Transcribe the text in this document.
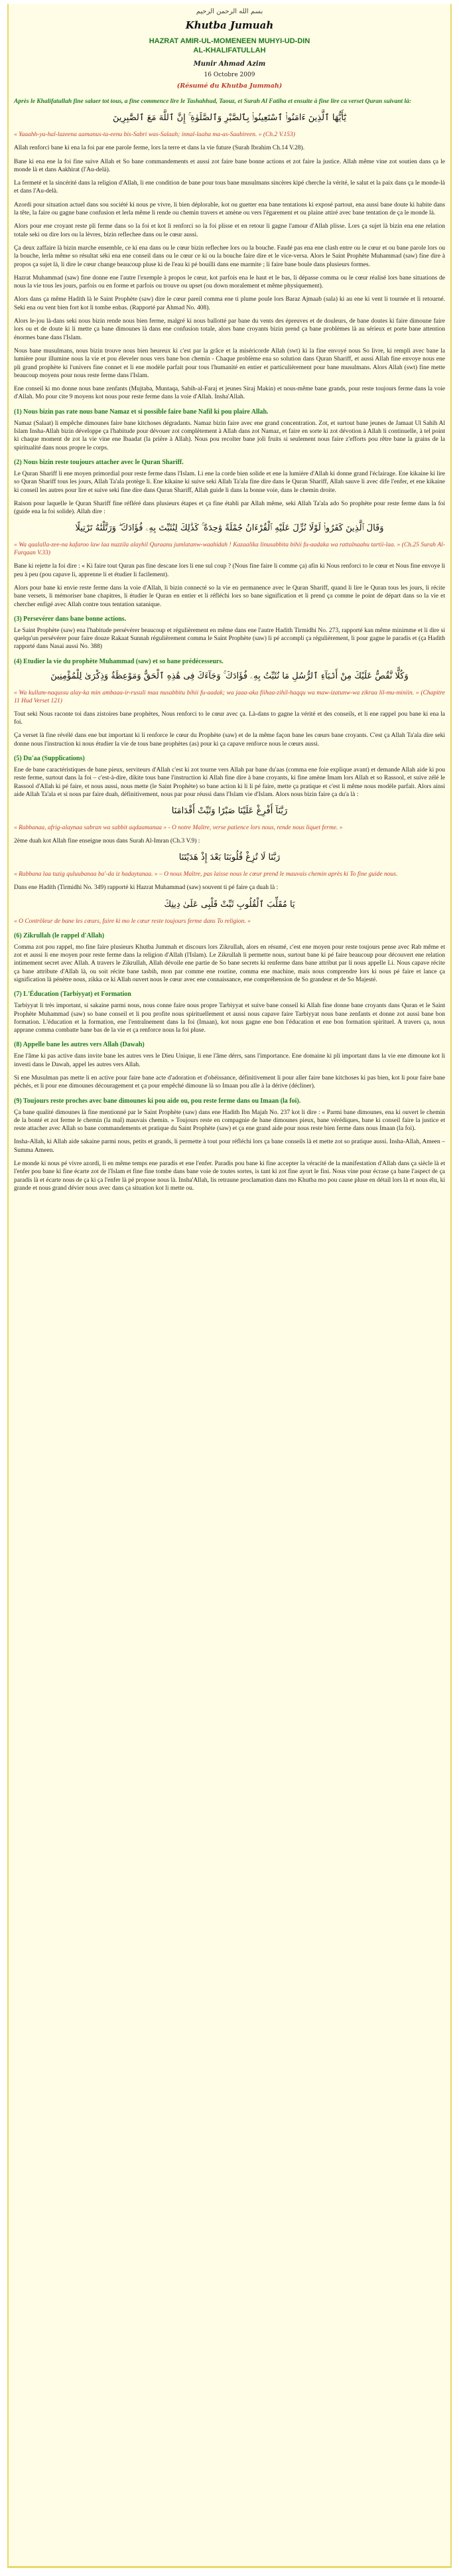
بسم الله الرحمن الرحيم
Khutba Jumuah
HAZRAT AMIR-UL-MOMENEEN MUHYI-UD-DIN
AL-KHALIFATULLAH
Munir Ahmad Azim
16 Octobre 2009
(Résumé du Khutba Jummah)

Après le Khalifatullah fine salaer tot tous, a fine commence lire le Tashahhud, Taouz, et Surah Al Fatiha et ensuite à fine lire ca verset Quran suivant là:

يَٰٓأَيُّهَا ٱلَّذِينَ ءَامَنُوا۟ ٱسْتَعِينُوا۟ بِٱلصَّبْرِ وَٱلصَّلَوٰةِ ۚ إِنَّ ٱللَّهَ مَعَ ٱلصَّٰبِرِينَ

« Yaaahh-yu-hal-lazeena aamanus-ta-eenu bis-Sabri was-Salaah; innal-laaha ma-as-Saabireen. » (Ch.2 V.153)

Allah renforci bane ki ena la foi par ene parole ferme, lors la terre et dans la vie future (Surah Ibrahim Ch.14 V.28).

Bane ki ena ene la foi fine suive Allah et So bane commandements et aussi zot faire bane bonne actions et zot faire la justice. Allah même vine zot soutien dans ça le monde là et dans Aakhirat (l'Au-delà).

La fermeté et la sincérité dans la religion d'Allah, li ene condition de bane pour tous bane musulmans sincères kipé cherche la vérité, le salut et la paix dans ça le monde-là et dans l'Au-delà.

Azordi pour situation actuel dans sou société ki nous pe vivre, li bien déplorable, kot ou guetter ena bane tentations ki exposé partout, ena aussi bane doute ki habite dans la tête, la faire ou gagne bane confusion et lerla même li rende ou chemin travers et amène ou vers l'égarement et ou plaine attiré avec bane tentation de ça le monde là.

Alors pour ene croyant reste pli ferme dans so la foi et kot li renforci so la foi plisse et en retour li gagne l'amour d'Allah plisse. Lors ça sujet là bizin ena ene relation totale seki ou dire lors ou la lèvres, bizin reflechee dans ou le cœur aussi.

Ça deux zaffaire là bizin marche ensemble, ce ki ena dans ou le cœur bizin reflechee lors ou la bouche. Faudé pas ena ene clash entre ou le cœur et ou bane parole lors ou la bouche, lerla même so résultat séki ena ene conseil dans ou le cœur ce ki ou la bouche faire dire et le vice-versa. Alors le Saint Prophète Muhammad (saw) fine dire à propos ça sujet là, li dire le cœur change beaucoup pluse ki de l'eau ki pé bouilli dans ene marmite ; li faire bane boule dans plusieurs formes.

Hazrat Muhammad (saw) fine donne ene l'autre l'exemple à propos le cœur, kot parfois ena le haut et le bas, li dépasse comma ou le cœur réalisé lors bane situations de nous la vie tous les jours, parfois ou en forme et parfois ou trouve ou upset (ou down moralement et même physiquement).

Alors dans ça même Hadith là le Saint Prophète (saw) dire le cœur pareil comma ene ti plume poule lors Baraz Ajmaab (sala) ki au ene ki vent li tournée et li retourné. Seki ena ou vent bien fort kot li tombe enbas. (Rapporté par Ahmad No. 408).

Alors le-jou là-dans seki nous bizin rende nous bien ferme, malgré ki nous ballotté par bane du vents des épreuves et de douleurs, de bane doutes ki faire dimoune faire lors ou et de doute ki li mette ça bane dimounes là dans ene confusion totale, alors bane croyants bizin prend ça bane problèmes là au sérieux et porte bane attention énormes bane dans l'Islam.

Nous bane musulmans, nous bizin trouve nous bien heureux ki c'est par la grâce et la miséricorde Allah (swt) ki la fine envoyé nous So livre, ki rempli avec bane la lumière pour illumine nous la vie et pou éleveler nous vers bane bon chemin - Chaque problème ena so solution dans Quran Shariff, et aussi Allah fine envoye nous ene pli grand prophète ki l'univers fine connet et li ene modèle parfait pour tous l'humanité en entier et particulièrement pour bane musulmans. Alors Allah (swt) fine mette beaucoup moyens pour nous reste ferme dans l'Islam.

Ene conseil ki mo donne nous bane zenfants (Mujtaba, Muntaqa, Sabih-al-Faraj et jeunes Siraj Makin) et nous-même bane grands, pour reste toujours ferme dans la voie d'Allah. Mo pour cite 9 moyens kot nous pour reste ferme dans la voie d'Allah. Insha'Allah.

(1) Nous bizin pas rate nous bane Namaz et si possible faire bane Nafil ki pou plaire Allah.

Namaz (Salaat) li empêche dimounes faire bane kitchoses dégradants. Namaz bizin faire avec ene grand concentration. Zot, et surtout bane jeunes de Jamaat Ul Sahih Al Islam Insha-Allah bizin développe ça l'habitude pour dévouer zot complètement à Allah dans zot Namaz, et faire en sorte ki zot dévotion à Allah li continuelle, à tel point ki chaque moment de zot la vie vine ene Ibaadat (la prière à Allah). Nous pou recolter bane joli fruits si seulement nous faire z'efforts pou rêtre bane la grains de la spiritualité dans nous propre le corps.

(2) Nous bizin reste toujours attacher avec le Quran Shariff.

Le Quran Shariff li ene moyen primordial pour reste ferme dans l'Islam. Li ene la corde bien solide et ene la lumière d'Allah ki donne grand l'éclairage. Ene kikaine ki lire so Quran Shariff tous les jours, Allah Ta'ala protège li. Ene kikaine ki suive seki Allah Ta'ala fine dire dans le Quran Shariff, Allah sauve li avec dife l'enfer, et ene kikaine ki conseil les autres pour lire et suive seki fine dire dans Quran Shariff, Allah guide li dans la bonne voie, dans le chemin droite.

Raison pour laquelle le Quran Shariff fine réfléré dans plusieurs étapes et ça fine établi par Allah même, seki Allah Ta'ala ado So prophète pour reste ferme dans la foi (guide ena la foi solide). Allah dire :

وَقَالَ ٱلَّذِينَ كَفَرُوا۟ لَوْلَا نُزِّلَ عَلَيْهِ ٱلْقُرْءَانُ جُمْلَةً وَٰحِدَةً ۚ كَذَٰلِكَ لِنُثَبِّتَ بِهِۦ فُؤَادَكَ ۖ وَرَتَّلْنَٰهُ تَرْتِيلًا

« Wa qaalalla-zee-na kafaroo law laa nuzzila alayhil Quraanu jumlatanw-waahidah ! Kazaalika linusabbita bihii fu-aadaka wa rattalnaahu tartii-laa. » (Ch.25 Surah Al-Furqaan V.33)

Bane ki rejette la foi dire : « Ki faire tout Quran pas fine descane lors li ene sul coup ? (Nous fine faire li comme ça) afin ki Nous renforci to le cœur et Nous fine envoye li peu à peu (pou capave li, apprenne li et étudier li facilement).

Alors pour bane ki envie reste ferme dans la voie d'Allah, li bizin connecté so la vie en permanence avec le Quran Shariff, quand li lire le Quran tous les jours, li récite bane versets, li mémoriser bane chapitres, li étudier le Quran en entier et li réfléchi lors so bane signification et li prend ça comme le point de départ dans so la vie et chercher enfigé avec Allah contre tous tentation satanique.

(3) Persevérer dans bane bonne actions.

Le Saint Prophète (saw) ena l'habitude persévérer beaucoup et régulièrement en même dans ene l'autre Hadith Tirmidhi No. 273, rapporté kan même minimme et li dire si quelqu'un persévérer pour faire douze Rakaat Sunnah régulièrement comma le Saint Prophète (saw) li pé accompli ça régulièrement, li pour gagne le paradis et (ça Hadith rapporté dans Nasai aussi No. 388)

(4) Etudier la vie du prophète Muhammad (saw) et so bane prédécesseurs.
وَكُلًّا نَّقُصُّ عَلَيْكَ مِنْ أَنۢبَآءِ ٱلرُّسُلِ مَا نُثَبِّتُ بِهِۦ فُؤَادَكَ ۚ وَجَآءَكَ فِى هَٰذِهِ ٱلْحَقُّ وَمَوْعِظَةٌ وَذِكْرَىٰ لِلْمُؤْمِنِينَ

« Wa kullam-naqussu alay-ka min ambaaa-ir-rusuli maa nusabbitu bihii fu-aadak; wa jaaa-aka fiihaa-zihil-haqqu wa maw-izatunw-wa zikraa lil-mu-miniin. » (Chapitre 11 Hud Verset 121)

Tout seki Nous raconte toi dans zistoires bane prophètes, Nous renforci to le cœur avec ça. Là-dans to gagne la vérité et des conseils, et li ene rappel pou bane ki ena la foi.

Ça verset là fine révélé dans ene but important ki li renforce le cœur du Prophète (saw) et de la même façon bane les cœurs bane croyants. C'est ça Allah Ta'ala dire seki donne nous l'instruction ki nous étudier la vie de tous bane prophètes (as) pour ki ça capave renforce nous le cœurs aussi.

(5) Du'aa (Supplications)

Ene de bane caractéristiques de bane pieux, serviteurs d'Allah c'est ki zot tourne vers Allah par bane du'aas (comma ene foie explique avant) et demande Allah aide ki pou reste ferme, surtout dans la foi – c'est-à-dire, dikite tous bane l'instruction ki Allah fine dire à bane croyants, ki fine amène Imam lors Allah et so Rassool, et suive zélé le Rassool d'Allah ki pé faire, et nous aussi, nous mette (le Saint Prophète) so bane action ki li li pé faire, mette ça pratique et c'est li même nous modèle parfait. Alors ainsi aide Allah Ta'ala et si nous par faire duah, définitivement, nous par pour réussi dans l'Islam vie d'Islam. Alors nous bizin faire ça du'a là :

رَبَّنَآ أَفْرِغْ عَلَيْنَا صَبْرًا وَثَبِّتْ أَقْدَامَنَا

« Rabbanaa, afrig-alaynaa sabran wa sabbit aqdaamanaa » - O notre Maître, verse patience lors nous, rende nous liquet ferme. »

2ème duah kot Allah fine enseigne nous dans Surah Al-Imran (Ch.3 V.9) :

رَبَّنَا لَا تُزِغْ قُلُوبَنَا بَعْدَ إِذْ هَدَيْتَنَا

« Rabbana laa tuzig quluubanaa ba'-da iz hadaytanaa. » – O nous Maître, pas laisse nous le cœur prend le mauvais chemin après ki To fine guide nous.

Dans ene Hadith (Tirmidhi No. 349) rapporté ki Hazrat Muhammad (saw) souvent ti pé faire ça duah là :

يَا مُقَلِّبَ ٱلْقُلُوبِ ثَبِّتْ قَلْبِى عَلَىٰ دِينِكَ

« O Contrôleur de bane les cœurs, faire ki mo le cœur reste toujours ferme dans To religion. »

(6) Zikrullah (le rappel d'Allah)

Comma zot pou rappel, mo fine faire plusieurs Khutba Jummah et discours lors Zikrullah, alors en résumé, c'est ene moyen pour reste toujours pense avec Rab même et zot et aussi li ene moyen pour reste ferme dans la religion d'Allah (l'Islam). Le Zikrullah li permette nous, surtout bane ki pé faire beaucoup pour découvert ene relation intimement secret avec Allah. A travers le Zikrullah, Allah dévoile ene partie de So bane secrets ki renferme dans bane attribut par li nous appelle Li. Nous capave récite ça bane attribute d'Allah là, ou soit récite bane tasbih, mon par comme ene routine, comma ene machine, mais nous comprendre lors ki nous pé faire et lance ça signification là pénètre nous, zikka ce ki Allah ouvert nous le cœur avec ene connaissance, ene compréhension de So grandeur et de So Majesté.

(7) L'Éducation (Tarbiyyat) et Formation

Tarbiyyat li très important, si sakaine parmi nous, nous conne faire nous propre Tarbiyyat et suive bane conseil ki Allah fine donne bane croyants dans Quran et le Saint Prophète Muhammad (saw) so bane conseil et li pou profite nous spirituellement et aussi nous capave faire Tarbiyyat nous bane zenfants et donne zot aussi bane bon formation. L'éducation et la formation, ene l'entraînement dans la foi (Imaan), kot nous gagne ene bon l'éducation et ene bon formation spirituel. A travers ça, nous apprane comma combatte bane bas de la vie et ça renforce nous la foi pluse.

(8) Appelle bane les autres vers Allah (Dawah)

Ene l'âme ki pas active dans invite bane les autres vers le Dieu Unique, li ene l'âme dérrs, sans l'importance. Ene domaine ki pli important dans la vie ene dimoune kot li investi dans le Dawah, appel les autres vers Allah.

Si ene Musulman pas mette li en active pour faire bane acte d'adoration et d'obéissance, définitivement li pour aller faire bane kitchoses ki pas bien, kot li pour faire bane péchés, et li pour ene dimounes découragement et ça pour empêché dimoune là so Imaan pou alle à la dérive (décliner).

(9) Toujours reste proches avec bane dimounes ki pou aide ou, pou reste ferme dans ou Imaan (la foi).

Ça bane qualité dimounes là fine mentionné par le Saint Prophète (saw) dans ene Hadith Ibn Majah No. 237 kot li dire : « Parmi bane dimounes, ena ki ouvert le chemin de la bonté et zot ferme le chemin (la mal) mauvais chemin. » Toujours reste en compagnie de bane dimounes pieux, bane vérédiques, bane ki conseil faire la justice et reste attacher avec Allah so bane commandements et pratique du Saint Prophète (saw) et ça ene grand aide pour nous reste bien ferme dans nous Imaan (la foi).

Insha-Allah, ki Allah aide sakaine parmi nous, petits et grands, li permette à tout pour réfléchi lors ça bane conseils là et mette zot so pratique aussi. Insha-Allah, Ameen – Summa Ameen.

Le monde ki nous pé vivre azordi, li en même temps ene paradis et ene l'enfer. Paradis pou bane ki fine accepter la véracité de la manifestation d'Allah dans ça siècle là et l'enfer pou bane ki fine écarte zot de l'Islam et fine fine tombe dans bane voie de toutes sortes, is tant ki zot fine ayort le fini. Nous vine pour écrase ça bane l'aspect de ça paradis là et écarte nous de ça ki ça l'enfer là pé propose nous là. Insha'Allah, lis retraune proclamation dans mo Khutba mo pou cause pluse en détail lors là et nous élu, ki grande et nous grand dévier nous avec dans ça situation kot li mette ou.
